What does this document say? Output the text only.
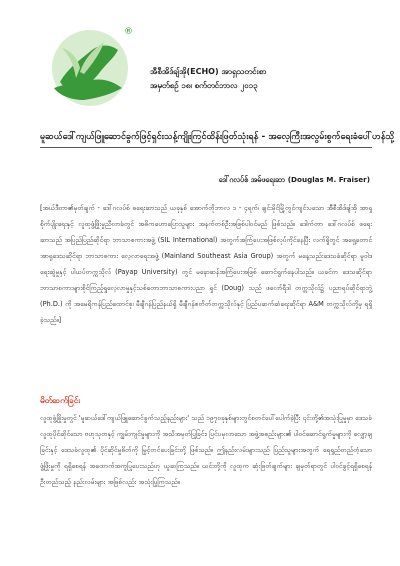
®
အီစီအိဒ်ချ်အို(ECHO) အာရှသတင်းစာ
အမှတ်စဉ် ၁၈၊ စက်တင်ဘာလ ၂၀၁၃
မူဆယ်ဒေါ်ကျယ်ဖြူဆောင်ခွက်ဖြင့်ရှင်းသန့်ကျိုးကြင်ထိန်းဖြတ်သုံးရန် - အလေ့ကြီးအလွမ်းစွက်ရေးခံပေါ်ဟန်သို့
ဒေါ်ဂလပ်စ် အမ်ဖရေးဆာ (Douglas M. Fraiser)
[အယ်ဒီတာ၏မှတ်ချက် - ဒေါ်ဂလပ်စ် ဖရေးဆာသည် ယခုနှစ် အောက်တိုဘာလ ၁ - ၄ရက်၊ ချင်းမိုင်မြို့တွင်ကျင်းပသော အီစီအိဒ်ချ်အို အာရှစိုက်ပျိုးရေးနှင့် လူထုဖွံ့ဖြိုးမှုညီလာခံတွင် အဓိကဟောပြောသူများ အနက်တစ်ဦးအဖြစ်ပါဝင်မည် ဖြစ်သည်။ ဒေါက်တာ ဒေါ်ဂလပ်စ် ဖရေးဆာသည် အပြည်ပြည်ဆိုင်ရာ ဘာသာစကားအဖွဲ့ (SIL International) အတွက်အကြံပေးအဖြစ်လုပ်ကိုင်နေပြီး လက်ရှိတွင် အရှေ့တောင်အာရှဒေသဆိုင်ရာ ဘာသာစကား လေ့လာရေးအဖွဲ့ (Mainland Southeast Asia Group) အတွက် မနေ့သည်းဒေသခံဆိုင်ရာ မူဝါဒရေးဆွဲမှုနှင့် ပါယပ်တက္ကသိုလ် (Payap University) တွင် မနောဆန်အကြံပေးအဖြစ် ဆောင်ရွက်နေပါသည်။ ယခင်က ဒေသဆိုင်ရာ ဘာသာစကားများစိုင်ကြည့်ရှုလေ့လာမှုနှင့်သစ်တောဘာသာစကားပညာ ရှင် (Doug) သည် ဖလော်ရီဒါ တက္ကသိုလ်၌ ပညာရပ်ဆိုင်ရာဘွဲ့ (Ph.D.) ကို အမေရိကန်ပြည်ထောင်စု၊ မီချီဂန်ပြည်နယ်ရှိ မီချီဂန်စတိတ်တက္ကသိုလ်နှင့် ပြည်ပဆက်ဆံရေးဆိုင်ရာ A&M တက္ကသိုလ်တို့မှ ရရှိခဲ့သည်။]
မိတ်ဆက်ခြင်း
လူထုဖွံ့ဖြိုးမှုတွင် 'မူဆယ်ဒေါ်ကျယ်ဖြူဆောင်ခွက်သည့်နည်းများ' သည် ၁၉၇၀ခုနှစ်များတွင်စတင်ပေါ်ပေါက်ခဲ့ပြီး ၎င်းတို့၏အသုံးပြုမှုမှာ ဒေသခံလူထုပိုင်ဆိုင်သော ဗဟုသုတနှင့် ကျွမ်းကျင်မှုများကို အသိအမှတ်ပြုခြင်း၊ ပြင်ပမှလာသော အဖွဲ့အစည်းများ၏ ပါဝင်ဆောင်ရွက်မှုများကို လျှော့ချခြင်းနှင့် ဒေသခံလူထု၏ ပိုင်ဆိုင်မှုစိတ်ကို မြှင့်တင်ပေးခြင်းတို့ ဖြစ်သည်။ ဤနည်းလမ်းများသည် ပြည်သူများအတွက် ရေရှည်တည်တံ့သော ဖွံ့ဖြိုးမှုကို ရရှိစေရန် အထောက်အကူပြုပေးသည်ဟု ယူဆကြသည်။ ယင်းတို့ကို လူထုက ဆုံးဖြတ်ချက်များ ချမှတ်ရာတွင် ပါဝင်ခွင့်ရရှိစေရန် ဦးတည်သည့် နည်းလမ်းများ အဖြစ်လည်း အသုံးပြုကြသည်။
